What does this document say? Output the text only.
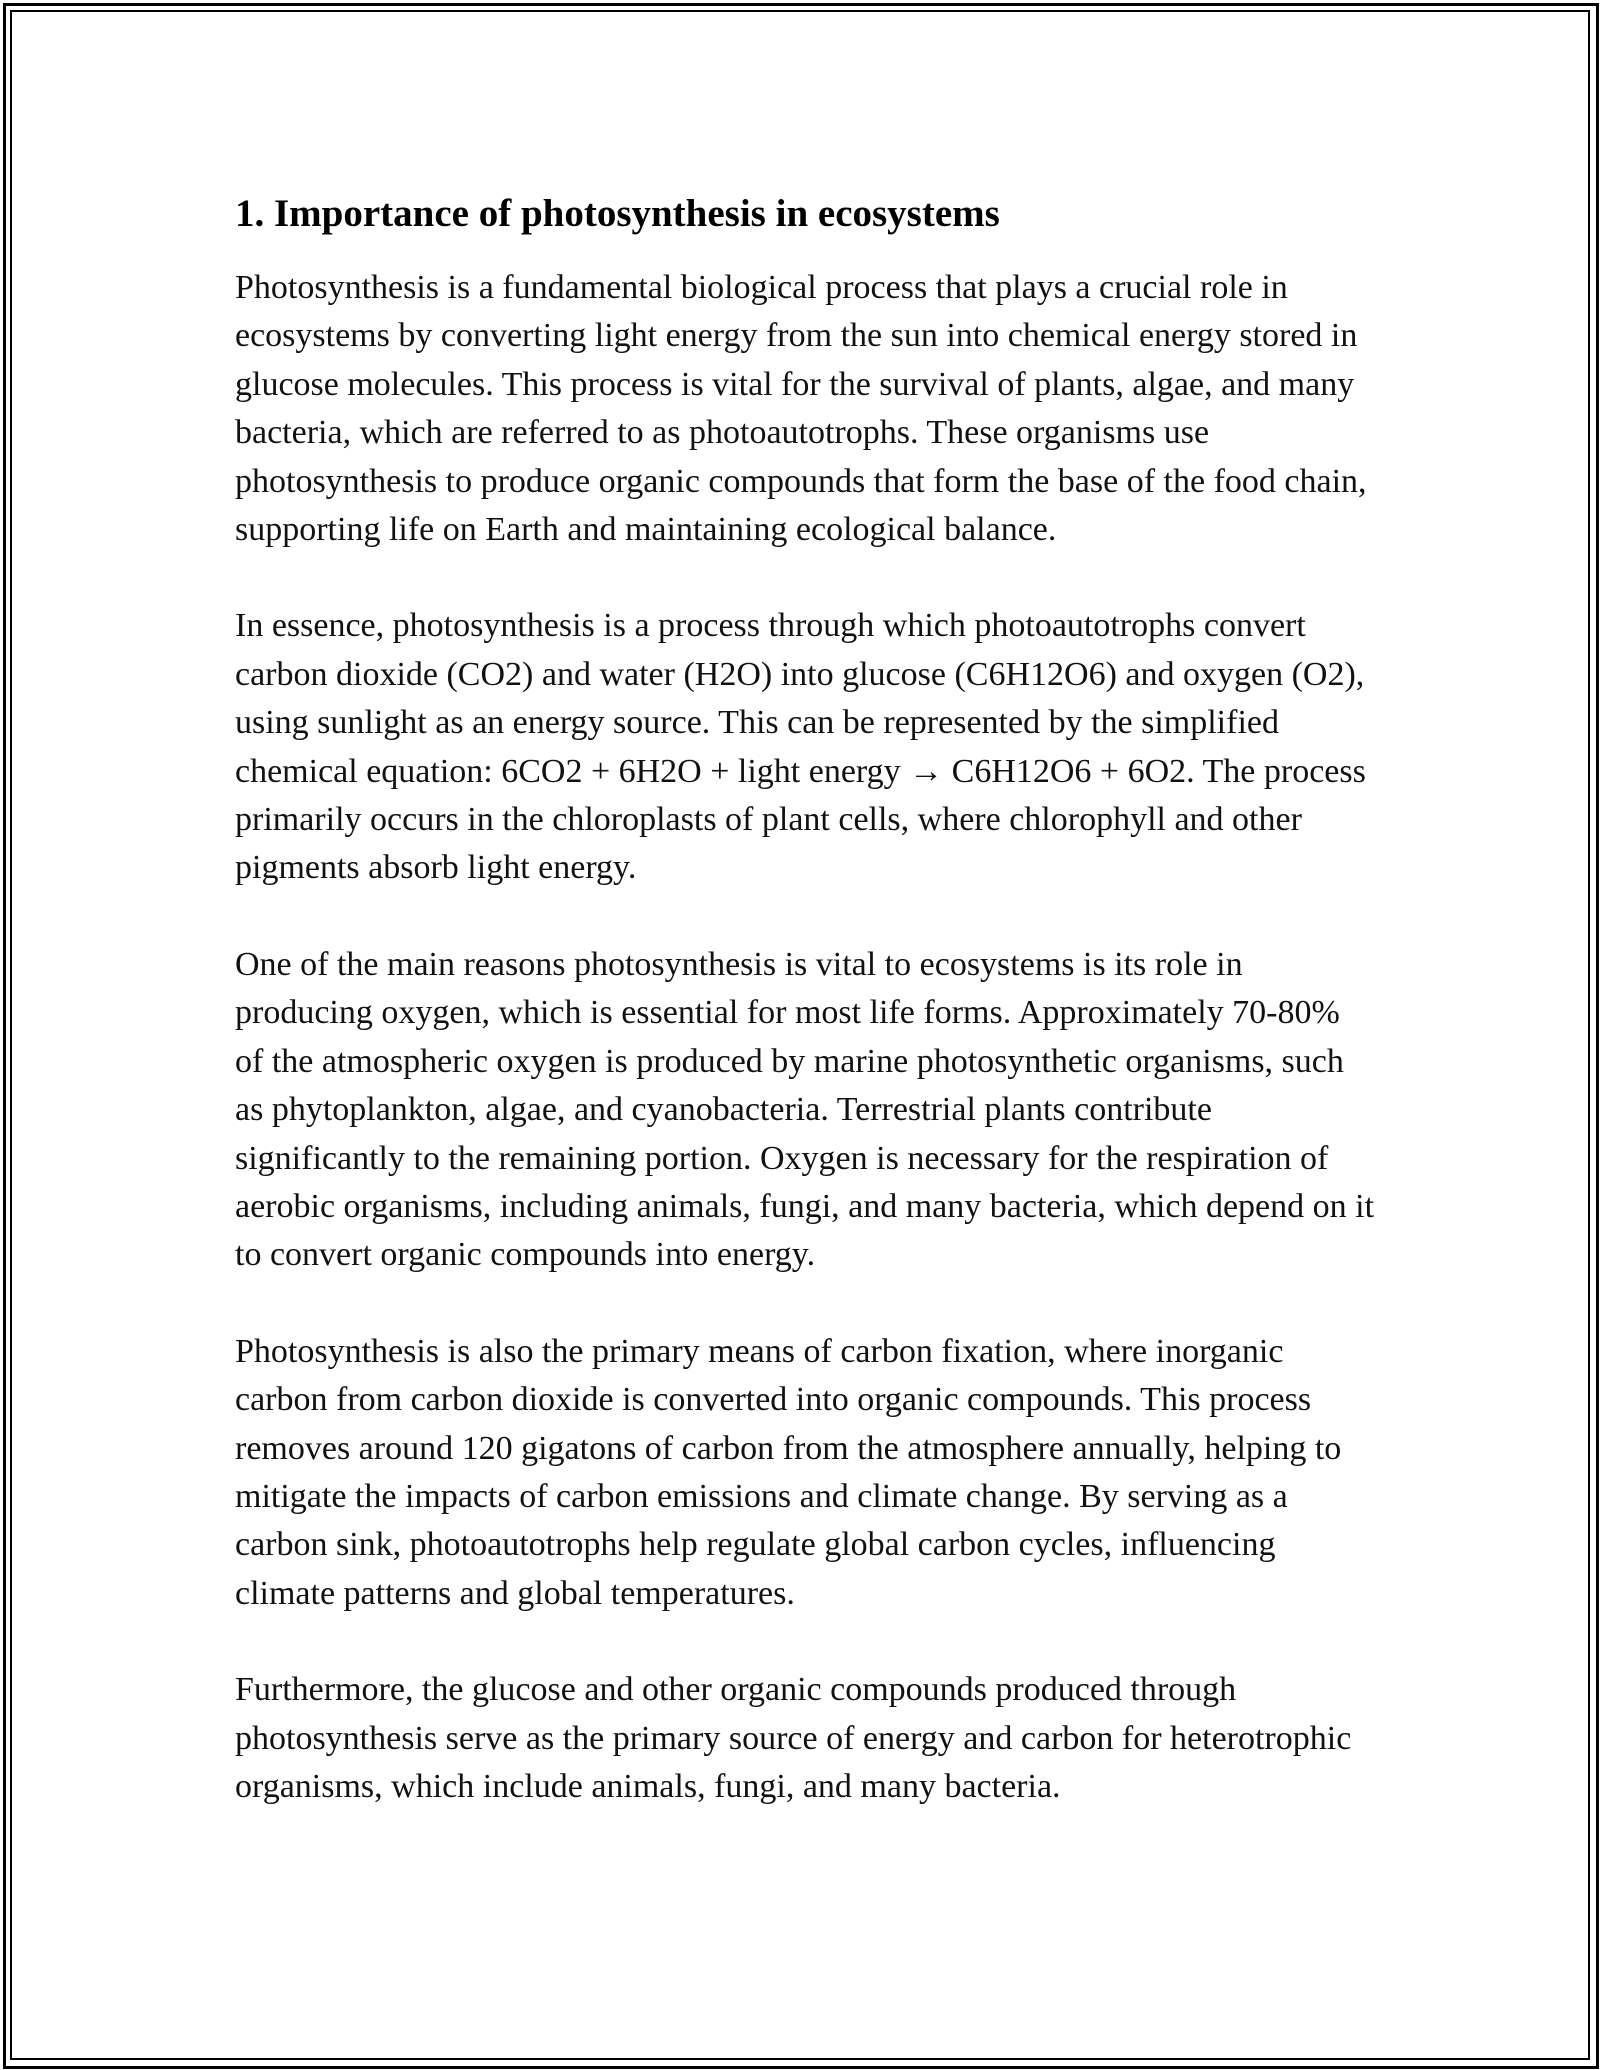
1. Importance of photosynthesis in ecosystems

Photosynthesis is a fundamental biological process that plays a crucial role in ecosystems by converting light energy from the sun into chemical energy stored in glucose molecules. This process is vital for the survival of plants, algae, and many bacteria, which are referred to as photoautotrophs. These organisms use photosynthesis to produce organic compounds that form the base of the food chain, supporting life on Earth and maintaining ecological balance.

In essence, photosynthesis is a process through which photoautotrophs convert carbon dioxide (CO2) and water (H2O) into glucose (C6H12O6) and oxygen (O2), using sunlight as an energy source. This can be represented by the simplified chemical equation: 6CO2 + 6H2O + light energy → C6H12O6 + 6O2. The process primarily occurs in the chloroplasts of plant cells, where chlorophyll and other pigments absorb light energy.

One of the main reasons photosynthesis is vital to ecosystems is its role in producing oxygen, which is essential for most life forms. Approximately 70-80% of the atmospheric oxygen is produced by marine photosynthetic organisms, such as phytoplankton, algae, and cyanobacteria. Terrestrial plants contribute significantly to the remaining portion. Oxygen is necessary for the respiration of aerobic organisms, including animals, fungi, and many bacteria, which depend on it to convert organic compounds into energy.

Photosynthesis is also the primary means of carbon fixation, where inorganic carbon from carbon dioxide is converted into organic compounds. This process removes around 120 gigatons of carbon from the atmosphere annually, helping to mitigate the impacts of carbon emissions and climate change. By serving as a carbon sink, photoautotrophs help regulate global carbon cycles, influencing climate patterns and global temperatures.

Furthermore, the glucose and other organic compounds produced through photosynthesis serve as the primary source of energy and carbon for heterotrophic organisms, which include animals, fungi, and many bacteria.
